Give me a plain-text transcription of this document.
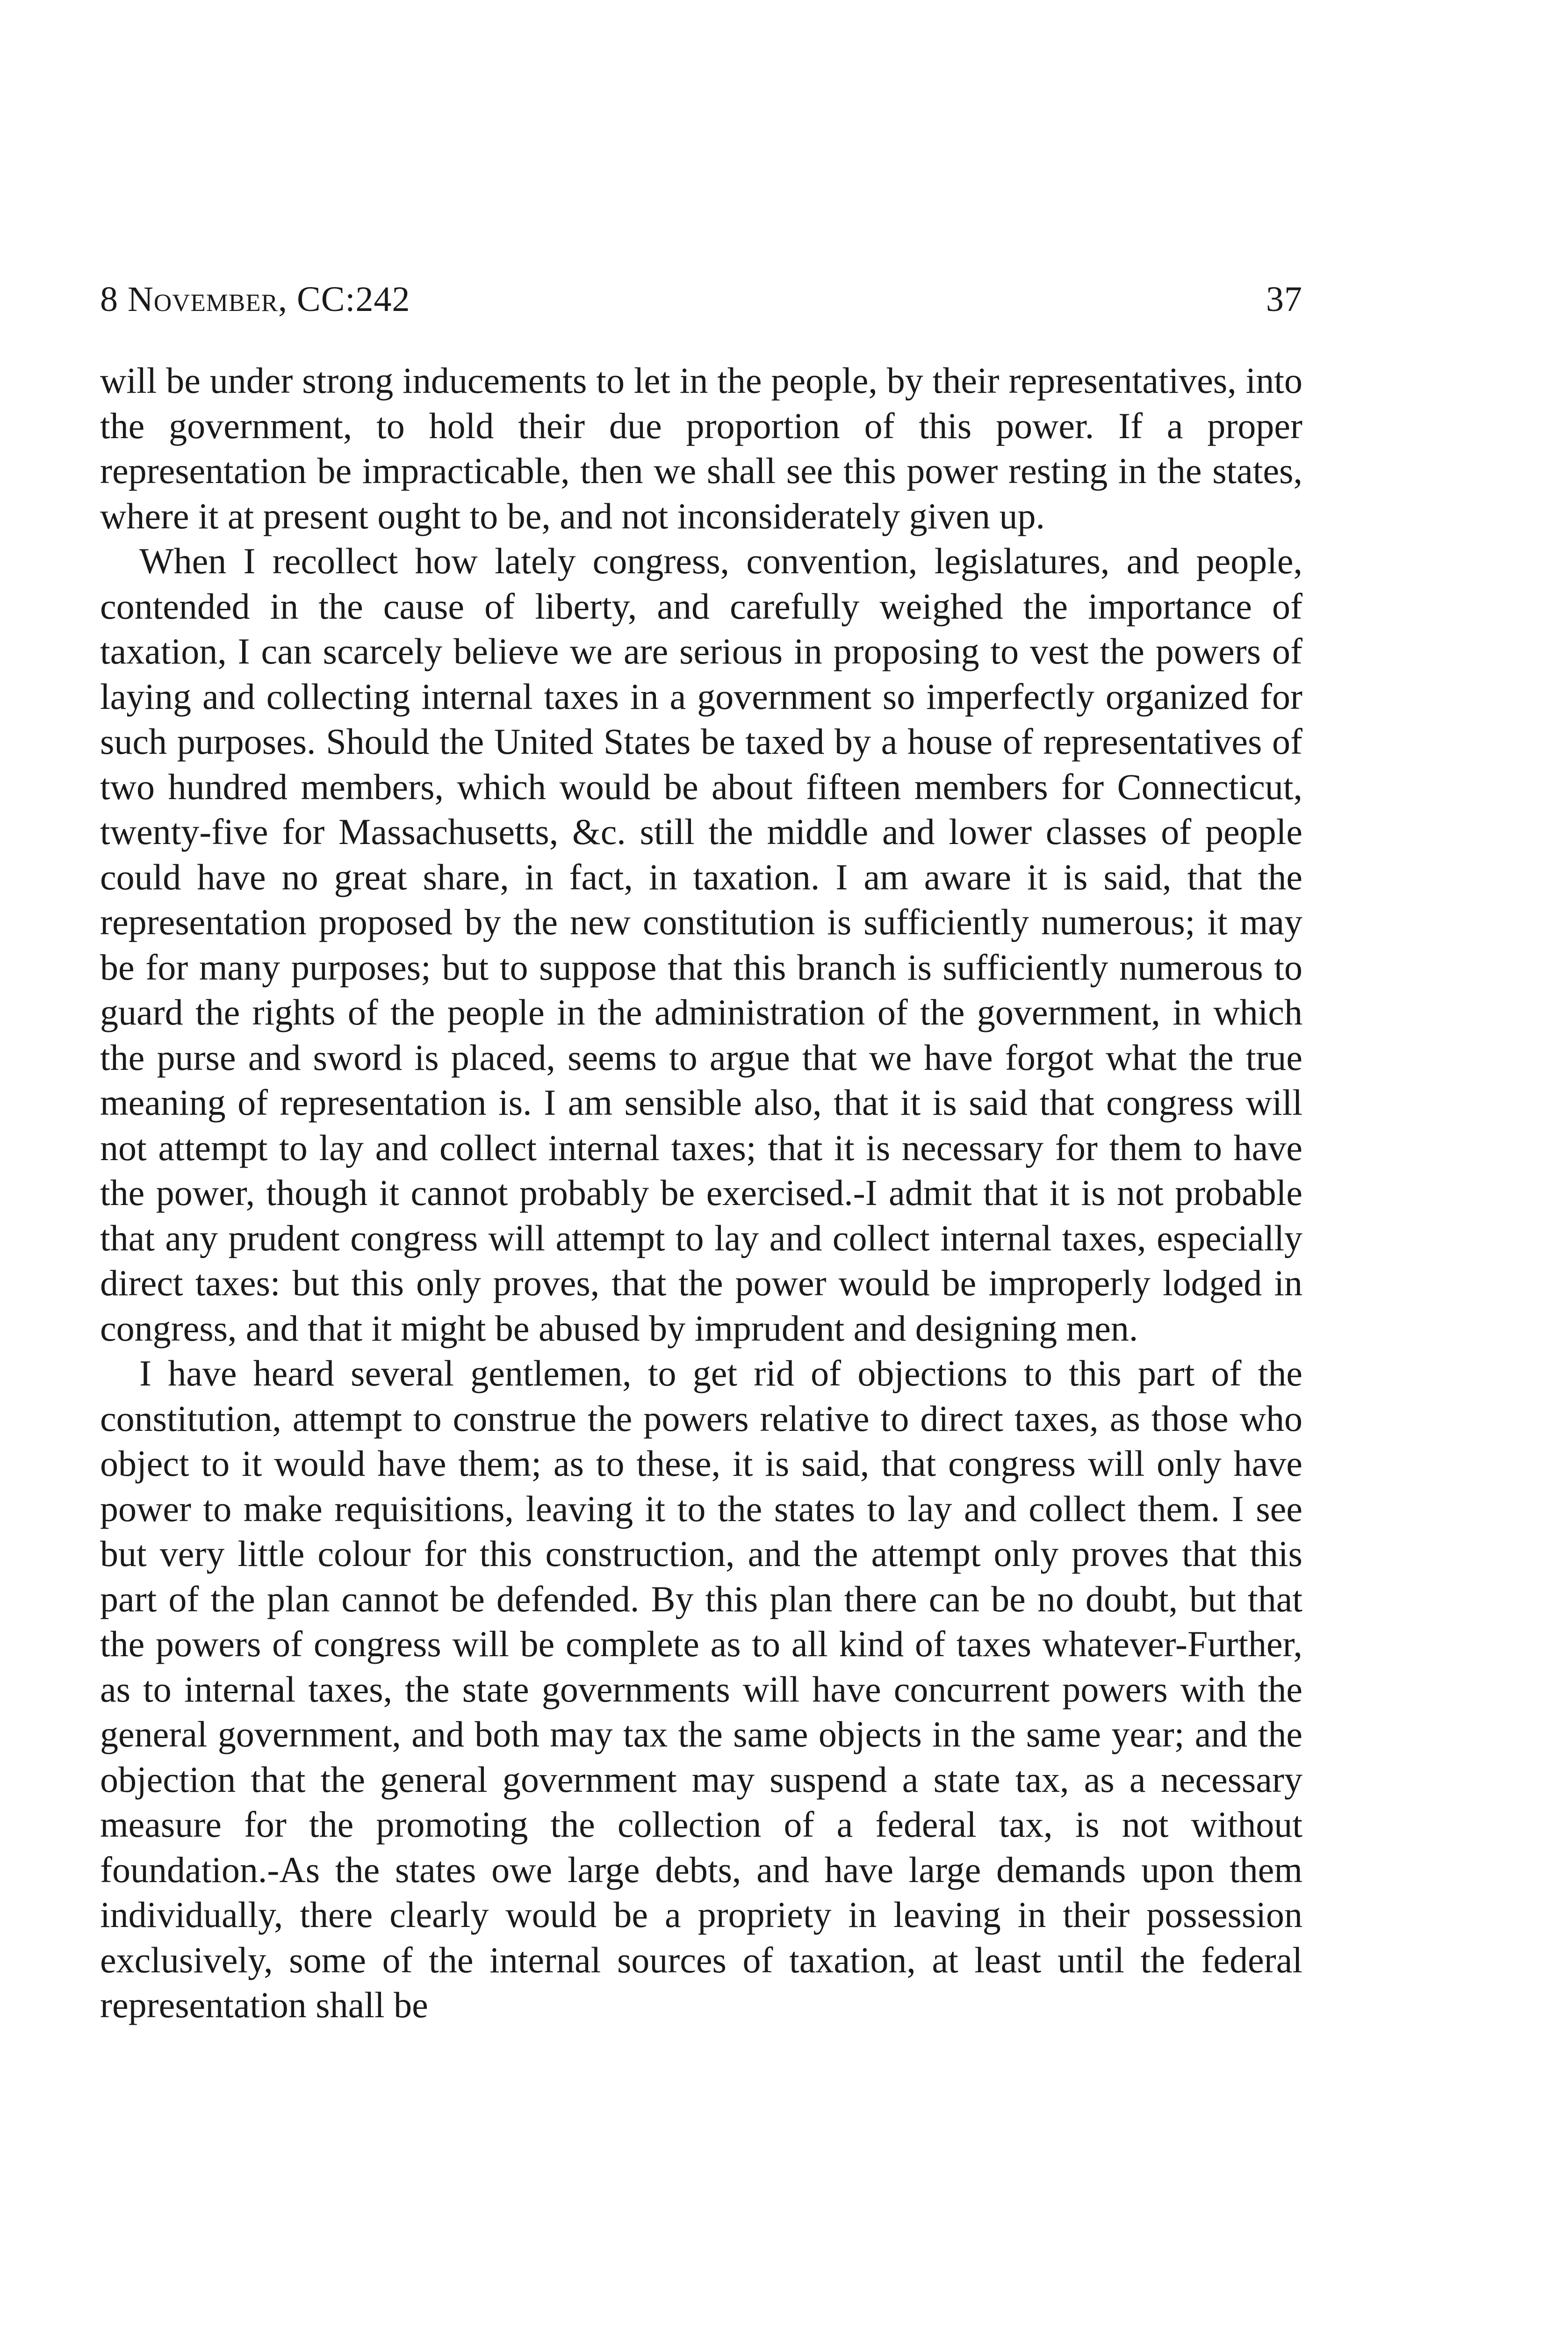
8 November, CC:242	37

will be under strong inducements to let in the people, by their representatives, into the government, to hold their due proportion of this power. If a proper representation be impracticable, then we shall see this power resting in the states, where it at present ought to be, and not inconsiderately given up.

When I recollect how lately congress, convention, legislatures, and people, contended in the cause of liberty, and carefully weighed the importance of taxation, I can scarcely believe we are serious in proposing to vest the powers of laying and collecting internal taxes in a government so imperfectly organized for such purposes. Should the United States be taxed by a house of representatives of two hundred members, which would be about fifteen members for Connecticut, twenty-five for Massachusetts, &c. still the middle and lower classes of people could have no great share, in fact, in taxation. I am aware it is said, that the representation proposed by the new constitution is sufficiently numerous; it may be for many purposes; but to suppose that this branch is sufficiently numerous to guard the rights of the people in the administration of the government, in which the purse and sword is placed, seems to argue that we have forgot what the true meaning of representation is. I am sensible also, that it is said that congress will not attempt to lay and collect internal taxes; that it is necessary for them to have the power, though it cannot probably be exercised.-I admit that it is not probable that any prudent congress will attempt to lay and collect internal taxes, especially direct taxes: but this only proves, that the power would be improperly lodged in congress, and that it might be abused by imprudent and designing men.

I have heard several gentlemen, to get rid of objections to this part of the constitution, attempt to construe the powers relative to direct taxes, as those who object to it would have them; as to these, it is said, that congress will only have power to make requisitions, leaving it to the states to lay and collect them. I see but very little colour for this construction, and the attempt only proves that this part of the plan cannot be defended. By this plan there can be no doubt, but that the powers of congress will be complete as to all kind of taxes whatever-Further, as to internal taxes, the state governments will have concurrent powers with the general government, and both may tax the same objects in the same year; and the objection that the general government may suspend a state tax, as a necessary measure for the promoting the collection of a federal tax, is not without foundation.-As the states owe large debts, and have large demands upon them individually, there clearly would be a propriety in leaving in their possession exclusively, some of the internal sources of taxation, at least until the federal representation shall be
